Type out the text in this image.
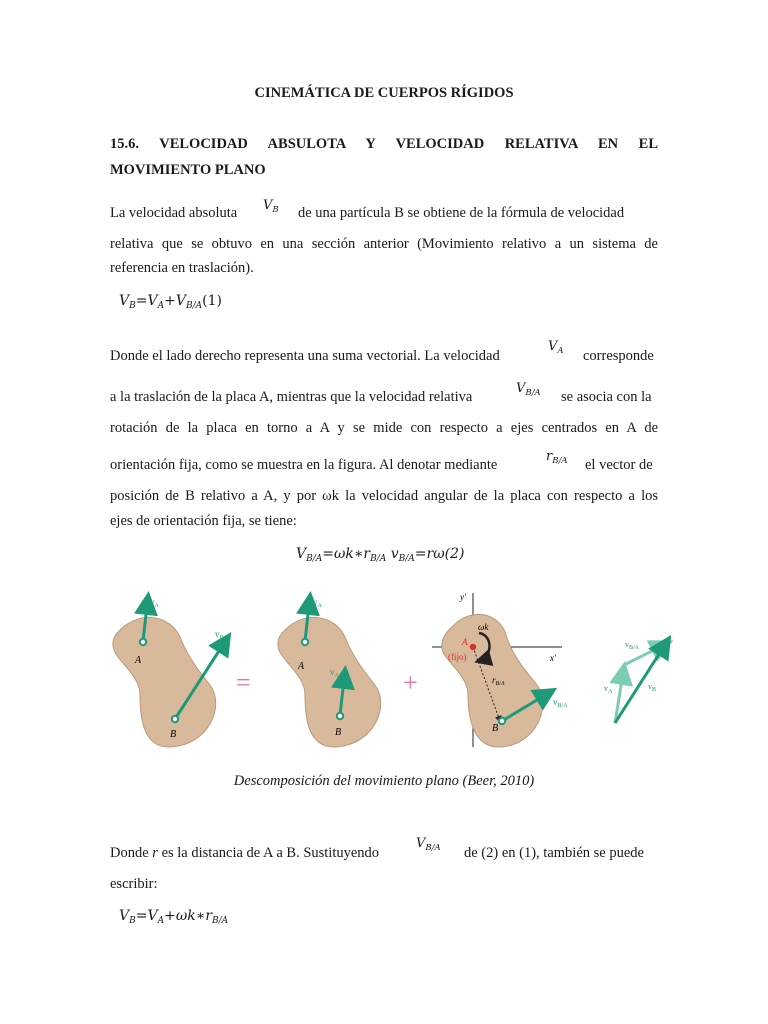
CINEMÁTICA DE CUERPOS RÍGIDOS
15.6. VELOCIDAD ABSULOTA Y VELOCIDAD RELATIVA EN EL
MOVIMIENTO PLANO
La velocidad absoluta $V_B$ de una partícula B se obtiene de la fórmula de velocidad
relativa que se obtuvo en una sección anterior (Movimiento relativo a un sistema de
referencia en traslación).
$V_B=V_A+V_{B/A}(1)$
Donde el lado derecho representa una suma vectorial. La velocidad
$V_A$ corresponde
a la traslación de la placa A, mientras que la velocidad relativa
$V_{B/A}$ se asocia con la
rotación de la placa en torno a A y se mide con respecto a ejes centrados en A de
orientación fija, como se muestra en la figura. Al denotar mediante
$r_{B/A}$ el vector de
posición de B relativo a A, y por ωk la velocidad angular de la placa con respecto a los
ejes de orientación fija, se tiene:
$V_{B/A}=\omega k∗r_{B/A}$ $v_{B/A}=r\omega(2)$
$v_A$
$v_B$
A
B
=
$v_A$
$v_A$
A
B
+
y'
x'
ωk
A
(fijo)
$r_{B/A}$
$v_{B/A}$
B
$v_{B/A}$
$v_A$
$v_B$
Descomposición del movimiento plano (Beer, 2010)
Donde r es la distancia de A a B. Sustituyendo
$V_{B/A}$ de (2) en (1), también se puede
escribir:
$V_B=V_A+\omega k∗r_{B/A}$
